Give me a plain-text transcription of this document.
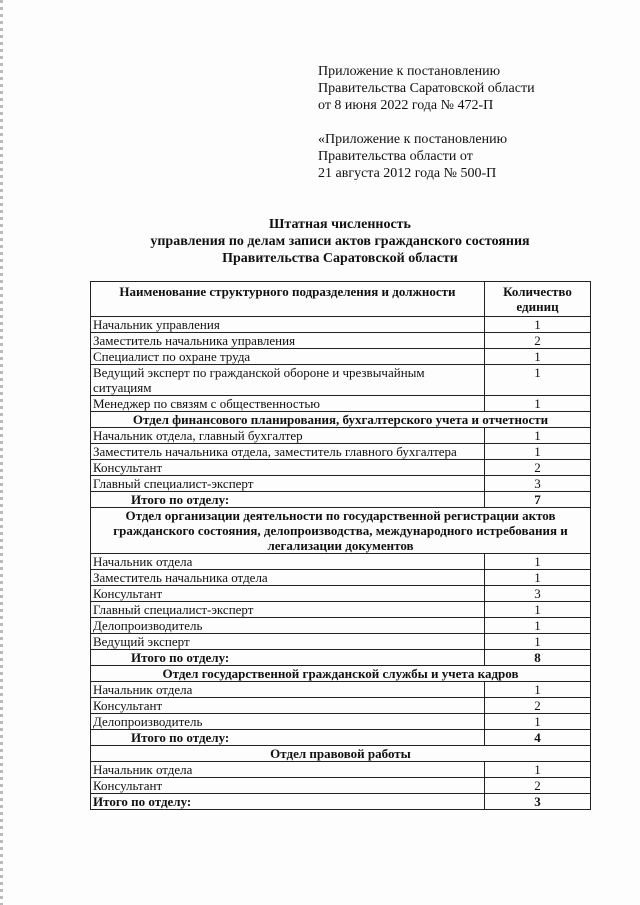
Приложение к постановлению
Правительства Саратовской области
от 8 июня 2022 года № 472-П
«Приложение к постановлению
Правительства области от
21 августа 2012 года № 500-П
Штатная численность
управления по делам записи актов гражданского состояния
Правительства Саратовской области
Наименование структурного подразделения и должности	Количество единиц
Начальник управления	1
Заместитель начальника управления	2
Специалист по охране труда	1
Ведущий эксперт по гражданской обороне и чрезвычайным ситуациям	1
Менеджер по связям с общественностью	1
Отдел финансового планирования, бухгалтерского учета и отчетности	
Начальник отдела, главный бухгалтер	1
Заместитель начальника отдела, заместитель главного бухгалтера	1
Консультант	2
Главный специалист-эксперт	3
Итого по отделу:	7
Отдел организации деятельности по государственной регистрации актов гражданского состояния, делопроизводства, международного истребования и легализации документов	
Начальник отдела	1
Заместитель начальника отдела	1
Консультант	3
Главный специалист-эксперт	1
Делопроизводитель	1
Ведущий эксперт	1
Итого по отделу:	8
Отдел государственной гражданской службы и учета кадров	
Начальник отдела	1
Консультант	2
Делопроизводитель	1
Итого по отделу:	4
Отдел правовой работы	
Начальник отдела	1
Консультант	2
Итого по отделу:	3
